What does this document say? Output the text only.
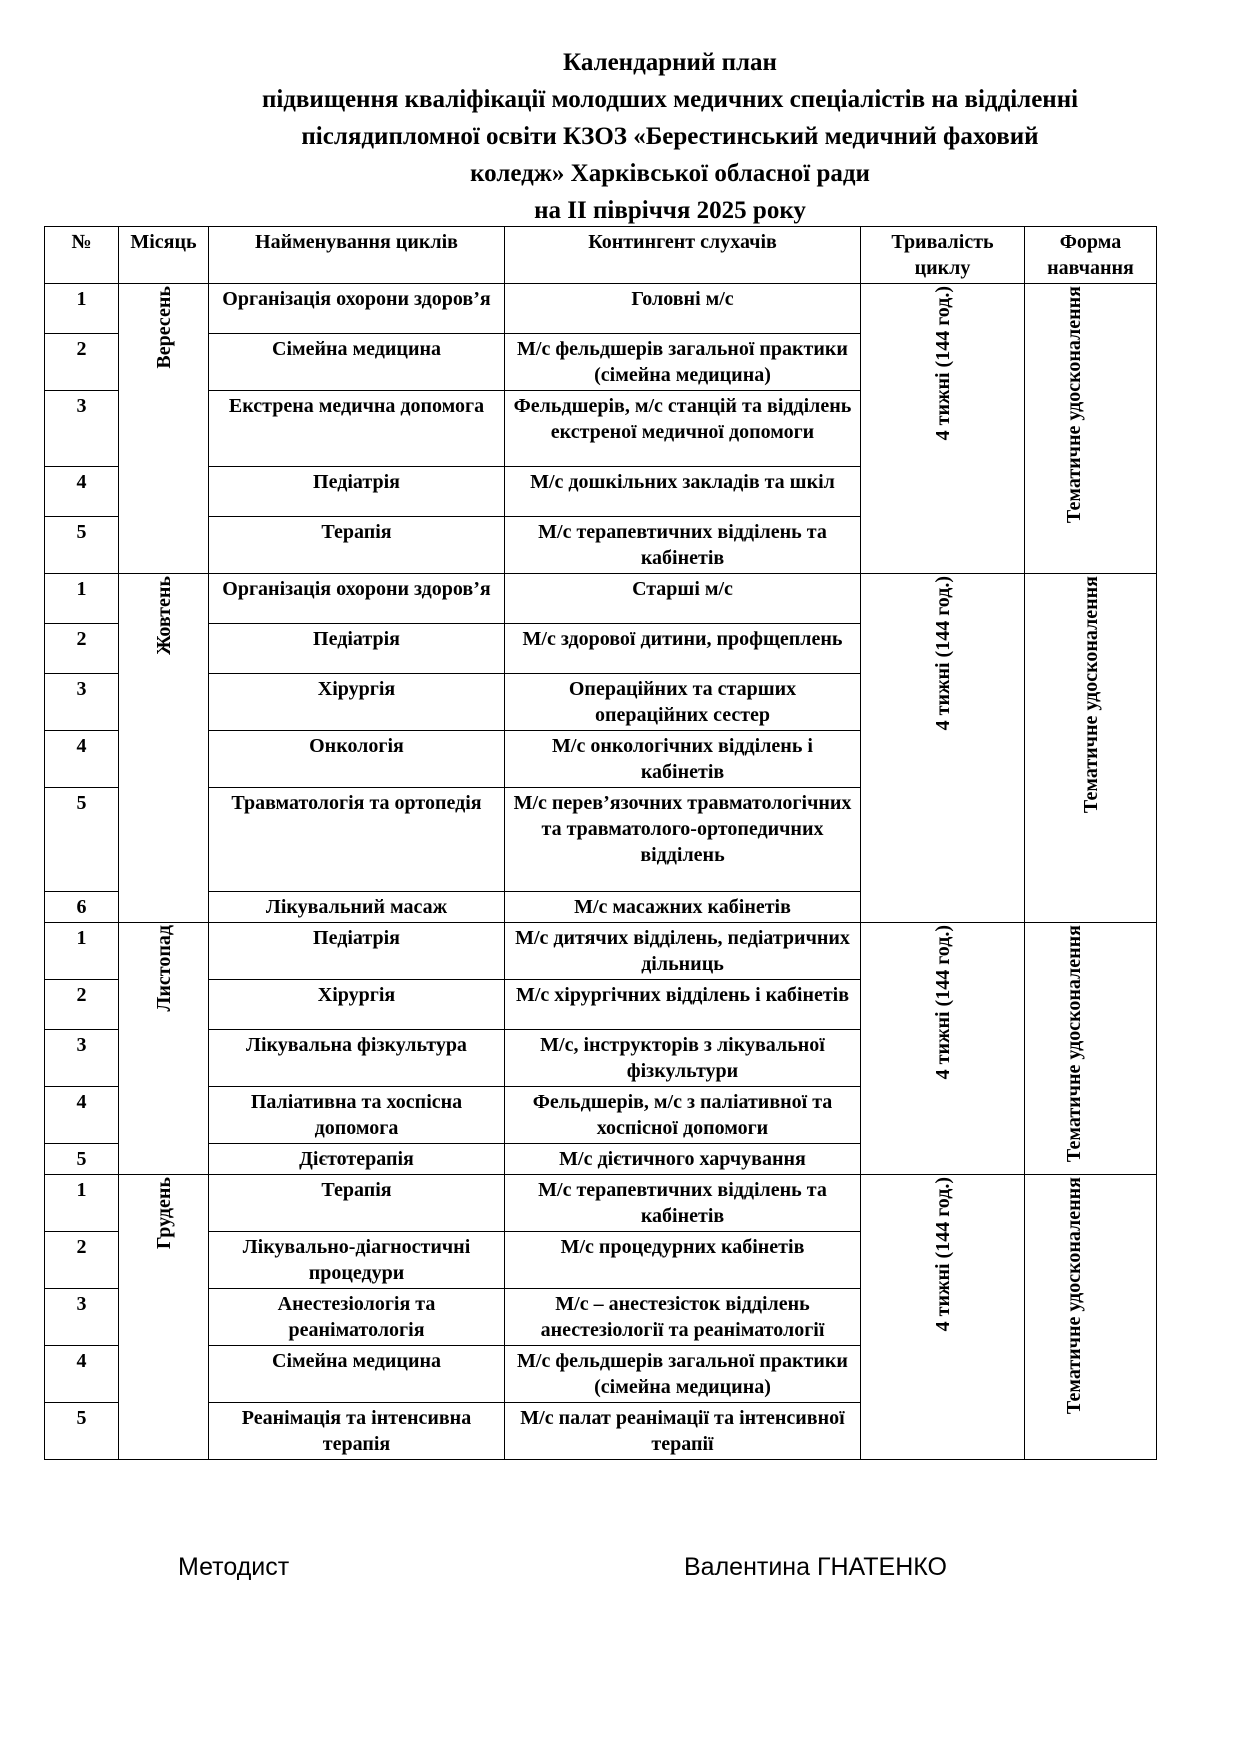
Календарний план
підвищення кваліфікації молодших медичних спеціалістів на відділенні
післядипломної освіти КЗОЗ «Берестинський медичний фаховий
коледж» Харківської обласної ради
на ІІ півріччя 2025 року
№	Місяць	Найменування циклів	Контингент слухачів	Тривалість циклу	Форма навчання
1	Вересень	Організація охорони здоров’я	Головні м/с	4 тижні (144 год.)	Тематичне удосконалення
2		Сімейна медицина	М/с фельдшерів загальної практики (сімейна медицина)		
3		Екстрена медична допомога	Фельдшерів, м/с станцій та відділень екстреної медичної допомоги		
4		Педіатрія	М/с дошкільних закладів та шкіл		
5		Терапія	М/с терапевтичних відділень та кабінетів		
1	Жовтень	Організація охорони здоров’я	Старші м/с	4 тижні (144 год.)	Тематичне удосконалення
2		Педіатрія	М/с здорової дитини, профщеплень		
3		Хірургія	Операційних та старших операційних сестер		
4		Онкологія	М/с онкологічних відділень і кабінетів		
5		Травматологія та ортопедія	М/с перев’язочних травматологічних та травматолого-ортопедичних відділень		
6		Лікувальний масаж	М/с масажних кабінетів		
1	Листопад	Педіатрія	М/с дитячих відділень, педіатричних дільниць	4 тижні (144 год.)	Тематичне удосконалення
2		Хірургія	М/с хірургічних відділень і кабінетів		
3		Лікувальна фізкультура	М/с, інструкторів з лікувальної фізкультури		
4		Паліативна та хоспісна допомога	Фельдшерів, м/с з паліативної та хоспісної допомоги		
5		Дієтотерапія	М/с дієтичного харчування		
1	Грудень	Терапія	М/с терапевтичних відділень та кабінетів	4 тижні (144 год.)	Тематичне удосконалення
2		Лікувально-діагностичні процедури	М/с процедурних кабінетів		
3		Анестезіологія та реаніматологія	М/с – анестезісток відділень анестезіології та реаніматології		
4		Сімейна медицина	М/с фельдшерів загальної практики (сімейна медицина)		
5		Реанімація та інтенсивна терапія	М/с палат реанімації та інтенсивної терапії		
Методист	Валентина ГНАТЕНКО
